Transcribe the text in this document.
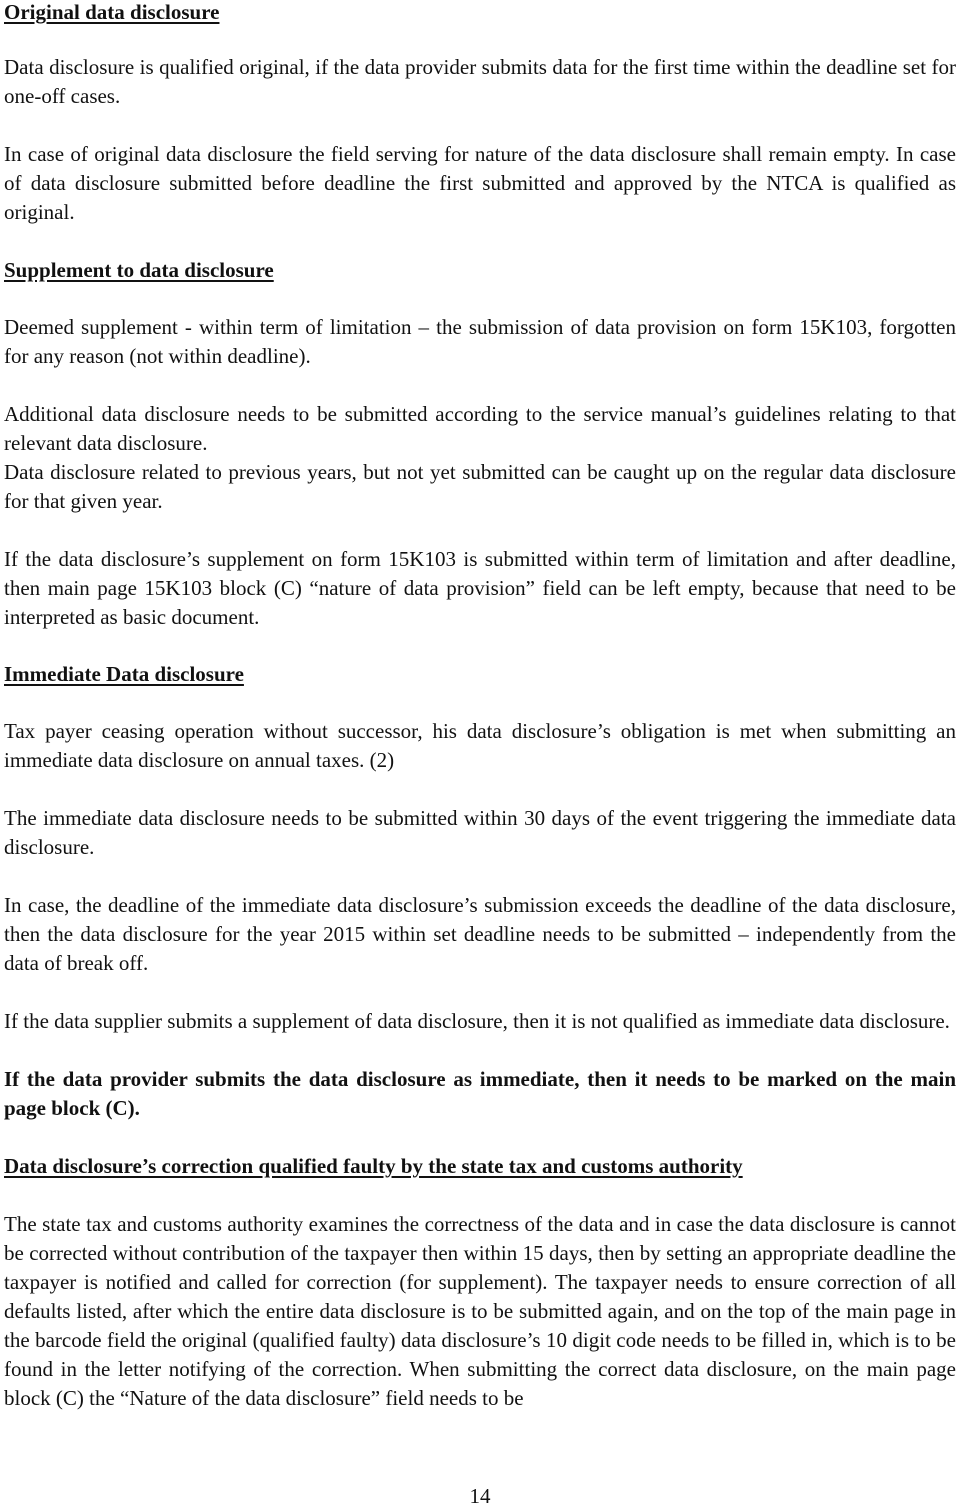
Original data disclosure

Data disclosure is qualified original, if the data provider submits data for the first time within the deadline set for one-off cases.

In case of original data disclosure the field serving for nature of the data disclosure shall remain empty. In case of data disclosure submitted before deadline the first submitted and approved by the NTCA is qualified as original.

Supplement to data disclosure

Deemed supplement - within term of limitation – the submission of data provision on form 15K103, forgotten for any reason (not within deadline).

Additional data disclosure needs to be submitted according to the service manual’s guidelines relating to that relevant data disclosure.

Data disclosure related to previous years, but not yet submitted can be caught up on the regular data disclosure for that given year.

If the data disclosure’s supplement on form 15K103 is submitted within term of limitation and after deadline, then main page 15K103 block (C) “nature of data provision” field can be left empty, because that need to be interpreted as basic document.

Immediate Data disclosure

Tax payer ceasing operation without successor, his data disclosure’s obligation is met when submitting an immediate data disclosure on annual taxes. (2)

The immediate data disclosure needs to be submitted within 30 days of the event triggering the immediate data disclosure.

In case, the deadline of the immediate data disclosure’s submission exceeds the deadline of the data disclosure, then the data disclosure for the year 2015 within set deadline needs to be submitted – independently from the data of break off.

If the data supplier submits a supplement of data disclosure, then it is not qualified as immediate data disclosure.

If the data provider submits the data disclosure as immediate, then it needs to be marked on the main page block (C).

Data disclosure’s correction qualified faulty by the state tax and customs authority

The state tax and customs authority examines the correctness of the data and in case the data disclosure is cannot be corrected without contribution of the taxpayer then within 15 days, then by setting an appropriate deadline the taxpayer is notified and called for correction (for supplement). The taxpayer needs to ensure correction of all defaults listed, after which the entire data disclosure is to be submitted again, and on the top of the main page in the barcode field the original (qualified faulty) data disclosure’s 10 digit code needs to be filled in, which is to be found in the letter notifying of the correction. When submitting the correct data disclosure, on the main page block (C) the “Nature of the data disclosure” field needs to be

14
